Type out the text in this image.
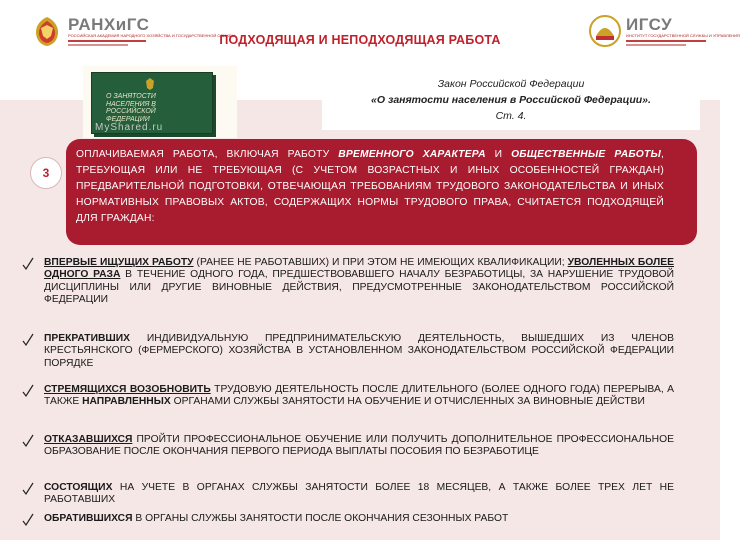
РАНХиГС
РОССИЙСКАЯ АКАДЕМИЯ НАРОДНОГО ХОЗЯЙСТВА И ГОСУДАРСТВЕННОЙ СЛУЖБЫ
ИГСУ
ИНСТИТУТ ГОСУДАРСТВЕННОЙ СЛУЖБЫ И УПРАВЛЕНИЯ
ПОДХОДЯЩАЯ И НЕПОДХОДЯЩАЯ РАБОТА
О ЗАНЯТОСТИ НАСЕЛЕНИЯ В РОССИЙСКОЙ ФЕДЕРАЦИИ
MyShared.ru
Закон Российской Федерации
«О занятости населения в Российской Федерации».
Ст. 4.
3
ОПЛАЧИВАЕМАЯ РАБОТА, ВКЛЮЧАЯ РАБОТУ ВРЕМЕННОГО ХАРАКТЕРА И ОБЩЕСТВЕННЫЕ РАБОТЫ, ТРЕБУЮЩАЯ ИЛИ НЕ ТРЕБУЮЩАЯ (С УЧЕТОМ ВОЗРАСТНЫХ И ИНЫХ ОСОБЕННОСТЕЙ ГРАЖДАН) ПРЕДВАРИТЕЛЬНОЙ ПОДГОТОВКИ, ОТВЕЧАЮЩАЯ ТРЕБОВАНИЯМ ТРУДОВОГО ЗАКОНОДАТЕЛЬСТВА И ИНЫХ НОРМАТИВНЫХ ПРАВОВЫХ АКТОВ, СОДЕРЖАЩИХ НОРМЫ ТРУДОВОГО ПРАВА, СЧИТАЕТСЯ ПОДХОДЯЩЕЙ ДЛЯ ГРАЖДАН:
ВПЕРВЫЕ ИЩУЩИХ РАБОТУ (РАНЕЕ НЕ РАБОТАВШИХ) И ПРИ ЭТОМ НЕ ИМЕЮЩИХ КВАЛИФИКАЦИИ; УВОЛЕННЫХ БОЛЕЕ ОДНОГО РАЗА В ТЕЧЕНИЕ ОДНОГО ГОДА, ПРЕДШЕСТВОВАВШЕГО НАЧАЛУ БЕЗРАБОТИЦЫ, ЗА НАРУШЕНИЕ ТРУДОВОЙ ДИСЦИПЛИНЫ ИЛИ ДРУГИЕ ВИНОВНЫЕ ДЕЙСТВИЯ, ПРЕДУСМОТРЕННЫЕ ЗАКОНОДАТЕЛЬСТВОМ РОССИЙСКОЙ ФЕДЕРАЦИИ
ПРЕКРАТИВШИХ ИНДИВИДУАЛЬНУЮ ПРЕДПРИНИМАТЕЛЬСКУЮ ДЕЯТЕЛЬНОСТЬ, ВЫШЕДШИХ ИЗ ЧЛЕНОВ КРЕСТЬЯНСКОГО (ФЕРМЕРСКОГО) ХОЗЯЙСТВА В УСТАНОВЛЕННОМ ЗАКОНОДАТЕЛЬСТВОМ РОССИЙСКОЙ ФЕДЕРАЦИИ ПОРЯДКЕ
СТРЕМЯЩИХСЯ ВОЗОБНОВИТЬ ТРУДОВУЮ ДЕЯТЕЛЬНОСТЬ ПОСЛЕ ДЛИТЕЛЬНОГО (БОЛЕЕ ОДНОГО ГОДА) ПЕРЕРЫВА, А ТАКЖЕ НАПРАВЛЕННЫХ ОРГАНАМИ СЛУЖБЫ ЗАНЯТОСТИ НА ОБУЧЕНИЕ И ОТЧИСЛЕННЫХ ЗА ВИНОВНЫЕ ДЕЙСТВИ
ОТКАЗАВШИХСЯ ПРОЙТИ ПРОФЕССИОНАЛЬНОЕ ОБУЧЕНИЕ ИЛИ ПОЛУЧИТЬ ДОПОЛНИТЕЛЬНОЕ ПРОФЕССИОНАЛЬНОЕ ОБРАЗОВАНИЕ ПОСЛЕ ОКОНЧАНИЯ ПЕРВОГО ПЕРИОДА ВЫПЛАТЫ ПОСОБИЯ ПО БЕЗРАБОТИЦЕ
СОСТОЯЩИХ НА УЧЕТЕ В ОРГАНАХ СЛУЖБЫ ЗАНЯТОСТИ БОЛЕЕ 18 МЕСЯЦЕВ, А ТАКЖЕ БОЛЕЕ ТРЕХ ЛЕТ НЕ РАБОТАВШИХ
ОБРАТИВШИХСЯ В ОРГАНЫ СЛУЖБЫ ЗАНЯТОСТИ ПОСЛЕ ОКОНЧАНИЯ СЕЗОННЫХ РАБОТ
